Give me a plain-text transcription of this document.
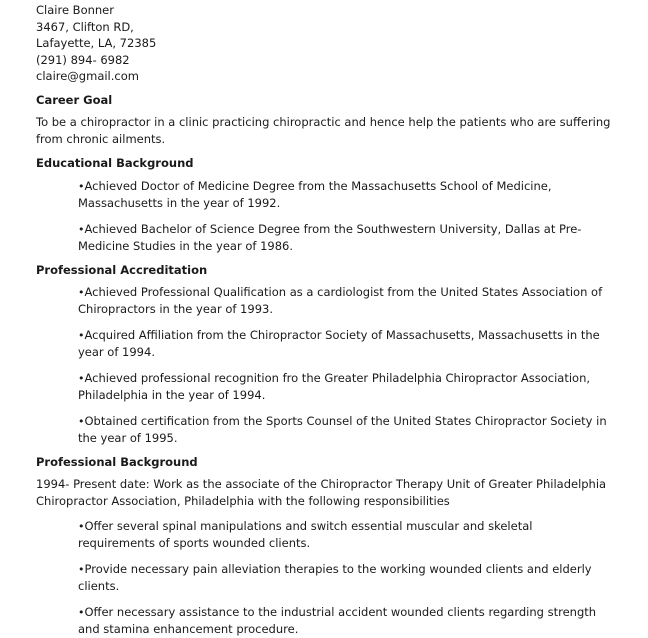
Claire Bonner
3467, Clifton RD,
Lafayette, LA, 72385
(291) 894- 6982
claire@gmail.com
Career Goal

To be a chiropractor in a clinic practicing chiropractic and hence help the patients who are suffering from chronic ailments.

Educational Background

•Achieved Doctor of Medicine Degree from the Massachusetts School of Medicine, Massachusetts in the year of 1992.

•Achieved Bachelor of Science Degree from the Southwestern University, Dallas at Pre-Medicine Studies in the year of 1986.

Professional Accreditation

•Achieved Professional Qualification as a cardiologist from the United States Association of Chiropractors in the year of 1993.

•Acquired Affiliation from the Chiropractor Society of Massachusetts, Massachusetts in the year of 1994.

•Achieved professional recognition fro the Greater Philadelphia Chiropractor Association, Philadelphia in the year of 1994.

•Obtained certification from the Sports Counsel of the United States Chiropractor Society in the year of 1995.

Professional Background

1994- Present date: Work as the associate of the Chiropractor Therapy Unit of Greater Philadelphia Chiropractor Association, Philadelphia with the following responsibilities

•Offer several spinal manipulations and switch essential muscular and skeletal requirements of sports wounded clients.

•Provide necessary pain alleviation therapies to the working wounded clients and elderly clients.

•Offer necessary assistance to the industrial accident wounded clients regarding strength and stamina enhancement procedure.
